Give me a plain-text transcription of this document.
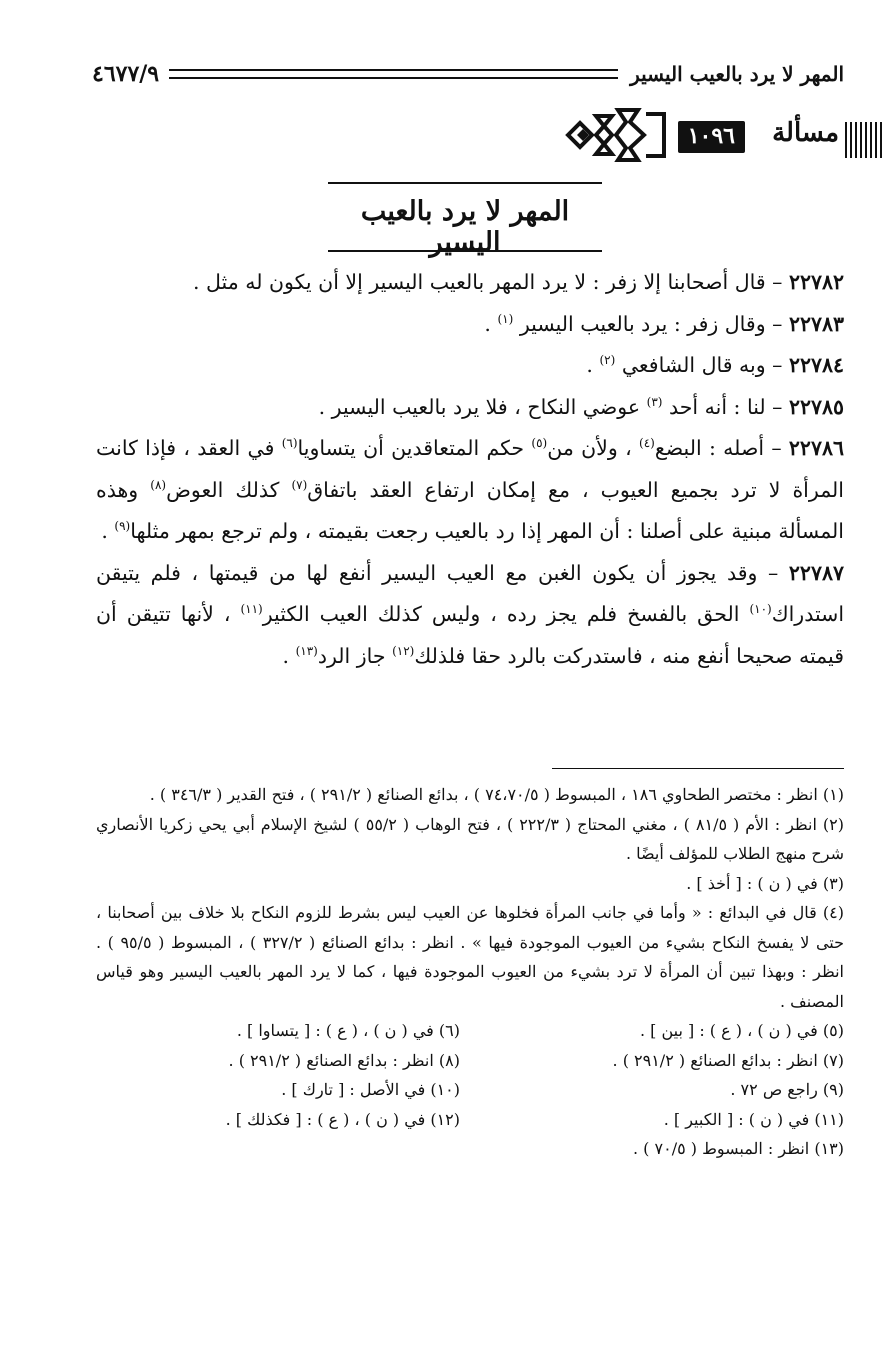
المهر لا يرد بالعيب اليسير
٤٦٧٧/٩
مسألة
١٠٩٦
المهر لا يرد بالعيب اليسير

٢٢٧٨٢ – قال أصحابنا إلا زفر : لا يرد المهر بالعيب اليسير إلا أن يكون له مثل .

٢٢٧٨٣ – وقال زفر : يرد بالعيب اليسير $^{(١)}$ .

٢٢٧٨٤ – وبه قال الشافعي $^{(٢)}$ .

٢٢٧٨٥ – لنا : أنه أحد $^{(٣)}$ عوضي النكاح ، فلا يرد بالعيب اليسير .

٢٢٧٨٦ – أصله : البضع$^{(٤)}$ ، ولأن من$^{(٥)}$ حكم المتعاقدين أن يتساويا$^{(٦)}$ في العقد ، فإذا كانت المرأة لا ترد بجميع العيوب ، مع إمكان ارتفاع العقد باتفاق$^{(٧)}$ كذلك العوض$^{(٨)}$ وهذه المسألة مبنية على أصلنا : أن المهر إذا رد بالعيب رجعت بقيمته ، ولم ترجع بمهر مثلها$^{(٩)}$ .

٢٢٧٨٧ – وقد يجوز أن يكون الغبن مع العيب اليسير أنفع لها من قيمتها ، فلم يتيقن استدراك$^{(١٠)}$ الحق بالفسخ فلم يجز رده ، وليس كذلك العيب الكثير$^{(١١)}$ ، لأنها تتيقن أن قيمته صحيحا أنفع منه ، فاستدركت بالرد حقا فلذلك$^{(١٢)}$ جاز الرد$^{(١٣)}$ .

(١) انظر : مختصر الطحاوي ١٨٦ ، المبسوط ( ٧٤،٧٠/٥ ) ، بدائع الصنائع ( ٢٩١/٢ ) ، فتح القدير ( ٣٤٦/٣ ) .

(٢) انظر : الأم ( ٨١/٥ ) ، مغني المحتاج ( ٢٢٢/٣ ) ، فتح الوهاب ( ٥٥/٢ ) لشيخ الإسلام أبي يحي زكريا الأنصاري شرح منهج الطلاب للمؤلف أيضًا .

(٣) في ( ن ) : [ أخذ ] .

(٤) قال في البدائع : « وأما في جانب المرأة فخلوها عن العيب ليس بشرط للزوم النكاح بلا خلاف بين أصحابنا ، حتى لا يفسخ النكاح بشيء من العيوب الموجودة فيها » . انظر : بدائع الصنائع ( ٣٢٧/٢ ) ، المبسوط ( ٩٥/٥ ) . انظر : وبهذا تبين أن المرأة لا ترد بشيء من العيوب الموجودة فيها ، كما لا يرد المهر بالعيب اليسير وهو قياس المصنف .

(٥) في ( ن ) ، ( ع ) : [ بين ] .

(٦) في ( ن ) ، ( ع ) : [ يتساوا ] .

(٧) انظر : بدائع الصنائع ( ٢٩١/٢ ) .

(٨) انظر : بدائع الصنائع ( ٢٩١/٢ ) .

(٩) راجع ص ٧٢ .

(١٠) في الأصل : [ تارك ] .

(١١) في ( ن ) : [ الكبير ] .

(١٢) في ( ن ) ، ( ع ) : [ فكذلك ] .

(١٣) انظر : المبسوط ( ٧٠/٥ ) .
